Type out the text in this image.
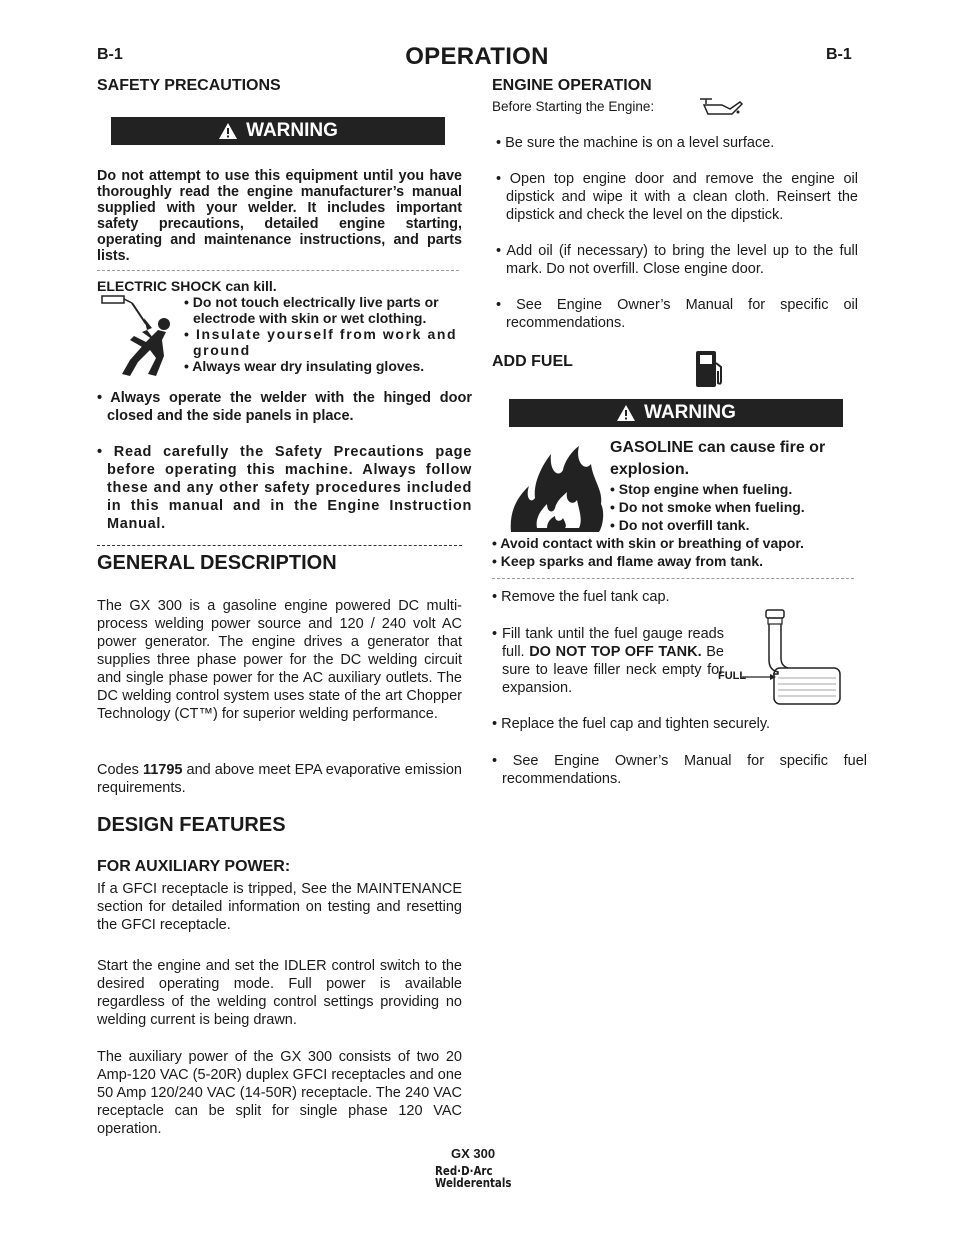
B-1	OPERATION	B-1
SAFETY PRECAUTIONS
WARNING
Do not attempt to use this equipment until you have thoroughly read the engine manufacturer’s manual supplied with your welder. It includes important safety precautions, detailed engine starting, operating and maintenance instructions, and parts lists.
ELECTRIC SHOCK can kill.
• Do not touch electrically live parts or electrode with skin or wet clothing.
• Insulate yourself from work and ground
• Always wear dry insulating gloves.
• Always operate the welder with the hinged door closed and the side panels in place.
• Read carefully the Safety Precautions page before operating this machine. Always follow these and any other safety procedures included in this manual and in the Engine Instruction Manual.
GENERAL DESCRIPTION
The GX 300 is a gasoline engine powered DC multi-process welding power source and 120 / 240 volt AC power generator. The engine drives a generator that supplies three phase power for the DC welding circuit and single phase power for the AC auxiliary outlets. The DC welding control system uses state of the art Chopper Technology (CT™) for superior welding performance.
Codes 11795 and above meet EPA evaporative emission requirements.
DESIGN FEATURES
FOR AUXILIARY POWER:
If a GFCI receptacle is tripped, See the MAINTENANCE section for detailed information on testing and resetting the GFCI receptacle.
Start the engine and set the IDLER control switch to the desired operating mode. Full power is available regardless of the welding control settings providing no welding current is being drawn.
The auxiliary power of the GX 300 consists of two 20 Amp-120 VAC (5-20R) duplex GFCI receptacles and one 50 Amp 120/240 VAC (14-50R) receptacle. The 240 VAC receptacle can be split for single phase 120 VAC operation.
ENGINE OPERATION
Before Starting the Engine:
• Be sure the machine is on a level surface.
• Open top engine door and remove the engine oil dipstick and wipe it with a clean cloth. Reinsert the dipstick and check the level on the dipstick.
• Add oil (if necessary) to bring the level up to the full mark. Do not overfill. Close engine door.
• See Engine Owner’s Manual for specific oil recommendations.
ADD FUEL
WARNING
GASOLINE can cause fire or explosion.
• Stop engine when fueling.
• Do not smoke when fueling.
• Do not overfill tank.
• Avoid contact with skin or breathing of vapor.
• Keep sparks and flame away from tank.
• Remove the fuel tank cap.
• Fill tank until the fuel gauge reads full. DO NOT TOP OFF TANK. Be sure to leave filler neck empty for expansion.
FULL
• Replace the fuel cap and tighten securely.
• See Engine Owner’s Manual for specific fuel recommendations.
GX 300
Red·D·Arc
Welderentals
